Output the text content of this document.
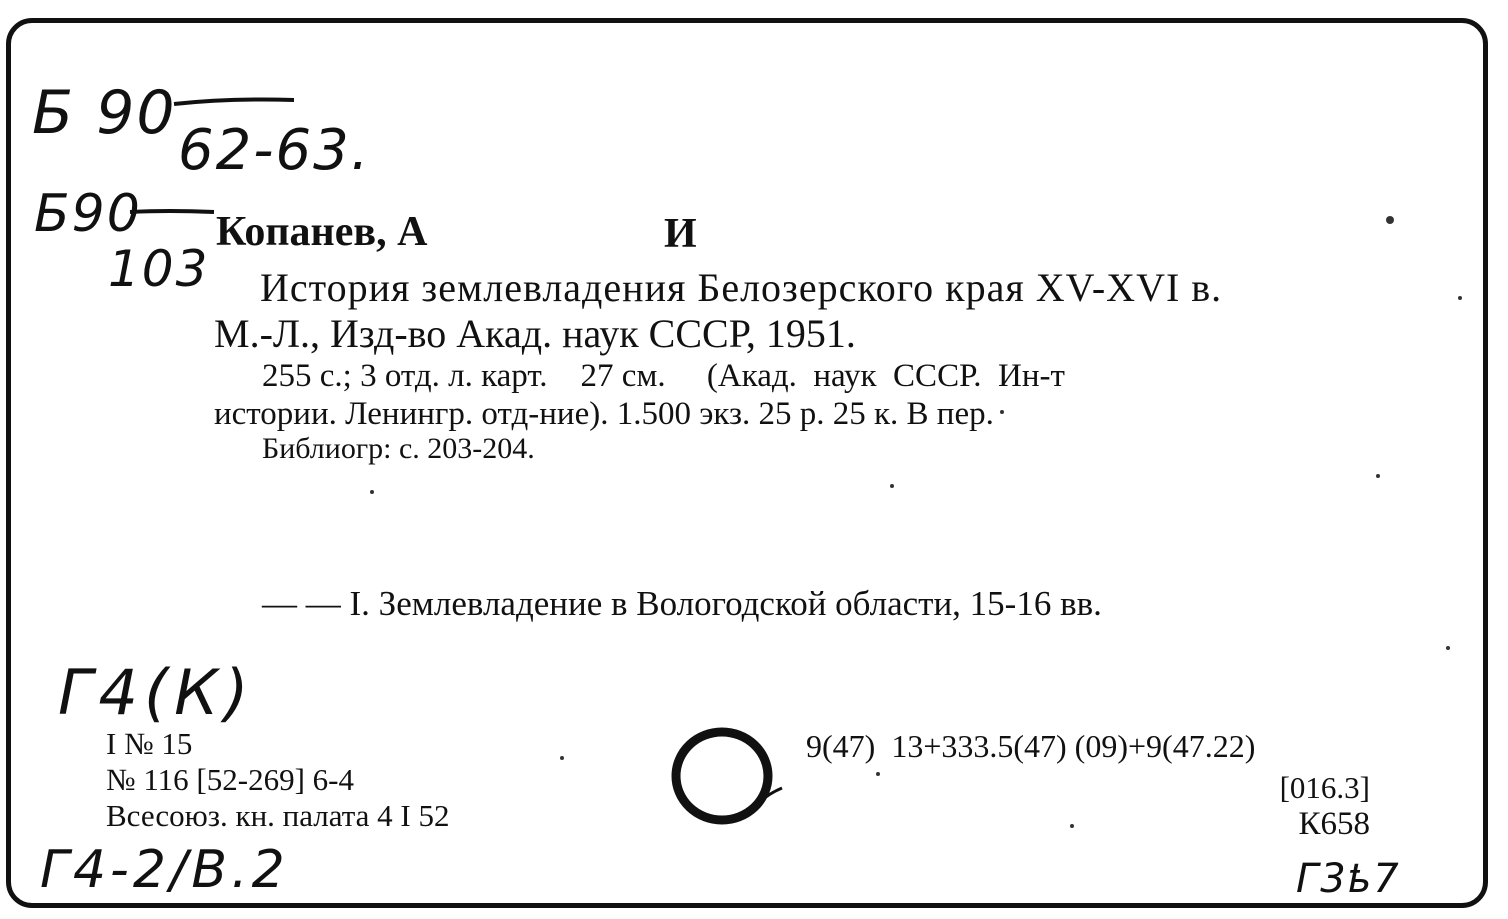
Б 90
62-63.
Б90
103
Копанев, А	И
История землевладения Белозерского края XV-XVI в.
М.-Л., Изд-во Акад. наук СССР, 1951.
255 с.; 3 отд. л. карт.    27 см.     (Акад.  наук  СССР.  Ин-т
истории. Ленингр. отд-ние). 1.500 экз. 25 р. 25 к. В пер.
Библиогр: с. 203-204.
— — I. Землевладение в Вологодской области, 15-16 вв.
Г4(К)
I № 15
№ 116 [52-269] 6-4
Всесоюз. кн. палата 4 I 52
9(47)  13+333.5(47) (09)+9(47.22)
[016.3]
К658
Г4-2/В.2	Г3ҍ7
